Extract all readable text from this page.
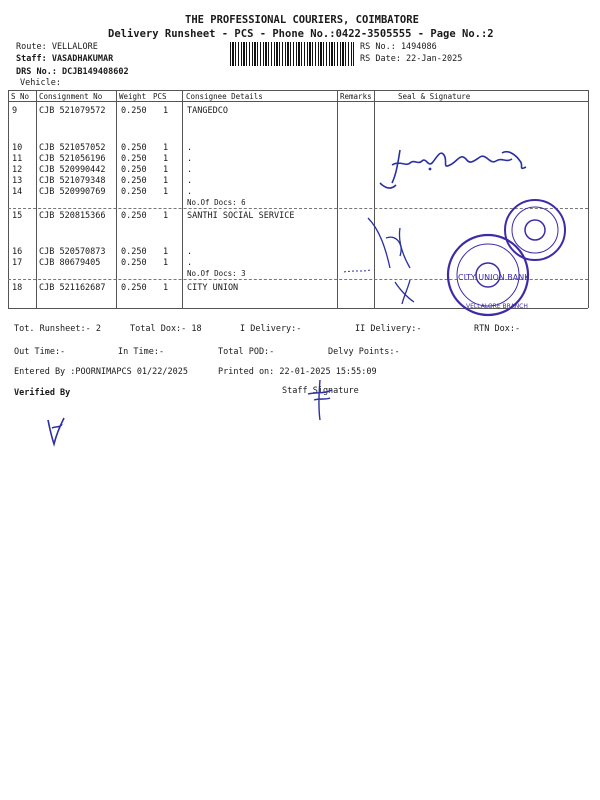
THE PROFESSIONAL COURIERS, COIMBATORE
Delivery Runsheet - PCS - Phone No.:0422-3505555 - Page No.:2
Route: VELLALORE
Staff: VASADHAKUMAR
DRS No.: DCJB149408602
Vehicle:
RS No.: 1494086
RS Date: 22-Jan-2025
S No Consignment No Weight PCS	Consignee Details	Remarks	Seal & Signature
9	CJB 521079572 0.250 1 TANGEDCO
10 CJB 521057052 0.250 1 .
11 CJB 521056196 0.250 1 .
12 CJB 520990442 0.250 1 .
13 CJB 521079348 0.250 1 .
14 CJB 520990769 0.250 1 .
No.Of Docs: 6
15 CJB 520815366 0.250 1 SANTHI SOCIAL SERVICE
16 CJB 520570873 0.250 1 .
17 CJB 80679405 0.250 1 .
No.Of Docs: 3
18 CJB 521162687 0.250 1 CITY UNION
CITY UNION BANK
VELLALORE BRANCH
Tot. Runsheet:- 2	Total Dox:- 18	I Delivery:-	II Delivery:-	RTN Dox:-
Out Time:-	In Time:-	Total POD:-	Delvy Points:-
Entered By :POORNIMAPCS 01/22/2025	Printed on: 22-01-2025 15:55:09
Verified By	Staff Signature
